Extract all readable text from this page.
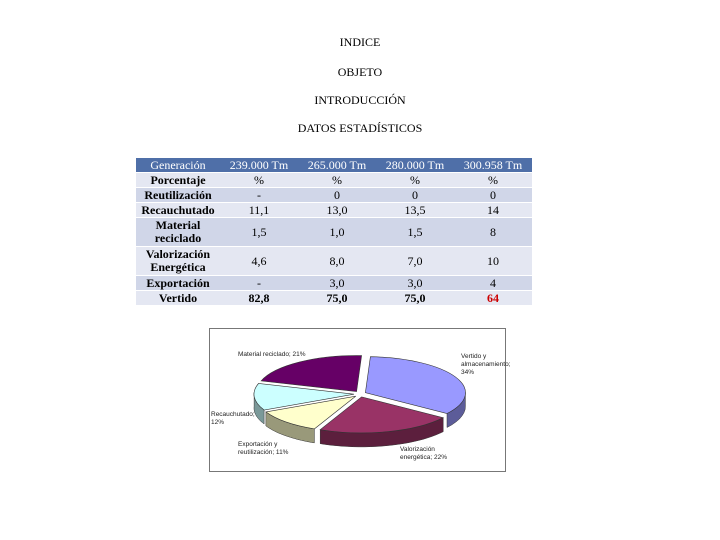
INDICE
OBJETO
INTRODUCCIÓN
DATOS ESTADÍSTICOS
Generación	239.000 Tm	265.000 Tm	280.000 Tm	300.958 Tm
Porcentaje	%	%	%	%
Reutilización	-	0	0	0
Recauchutado	11,1	13,0	13,5	14
Material reciclado	1,5	1,0	1,5	8
Valorización Energética	4,6	8,0	7,0	10
Exportación	-	3,0	3,0	4
Vertido	82,8	75,0	75,0	64
Material reciclado; 21%	Vertido y almacenamiento; 34%
Recauchutado; 12%
Exportación y reutilización; 11%	Valorización energética; 22%
